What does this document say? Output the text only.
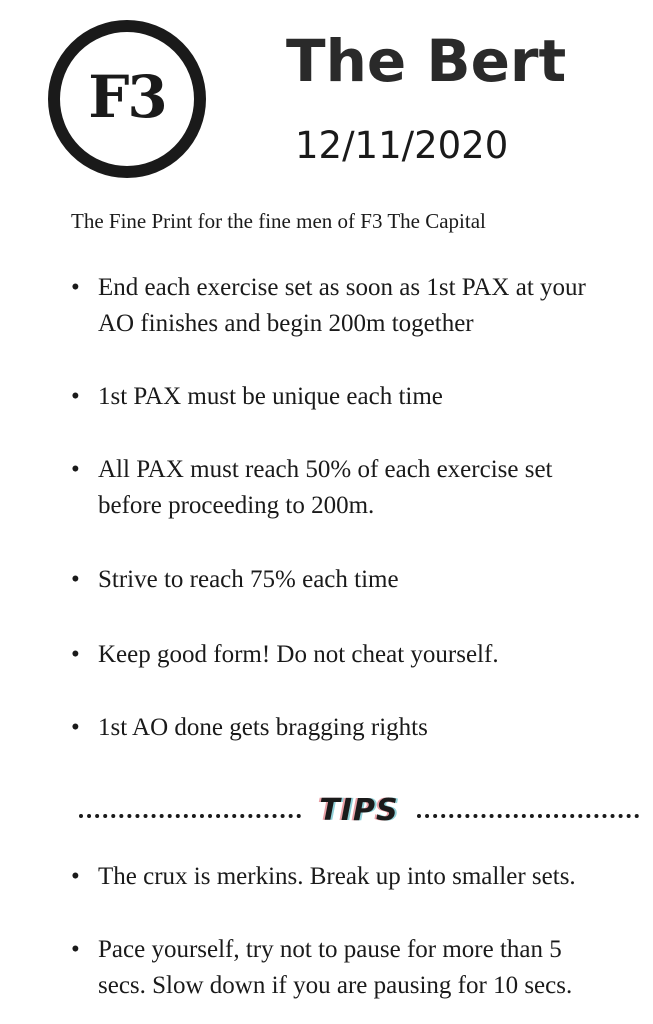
F3
The Bert
12/11/2020
The Fine Print for the fine men of F3 The Capital
• End each exercise set as soon as 1st PAX at your
AO finishes and begin 200m together
• 1st PAX must be unique each time
• All PAX must reach 50% of each exercise set
before proceeding to 200m.
• Strive to reach 75% each time
• Keep good form! Do not cheat yourself.
• 1st AO done gets bragging rights
TIPS
• The crux is merkins. Break up into smaller sets.
• Pace yourself, try not to pause for more than 5
secs. Slow down if you are pausing for 10 secs.
